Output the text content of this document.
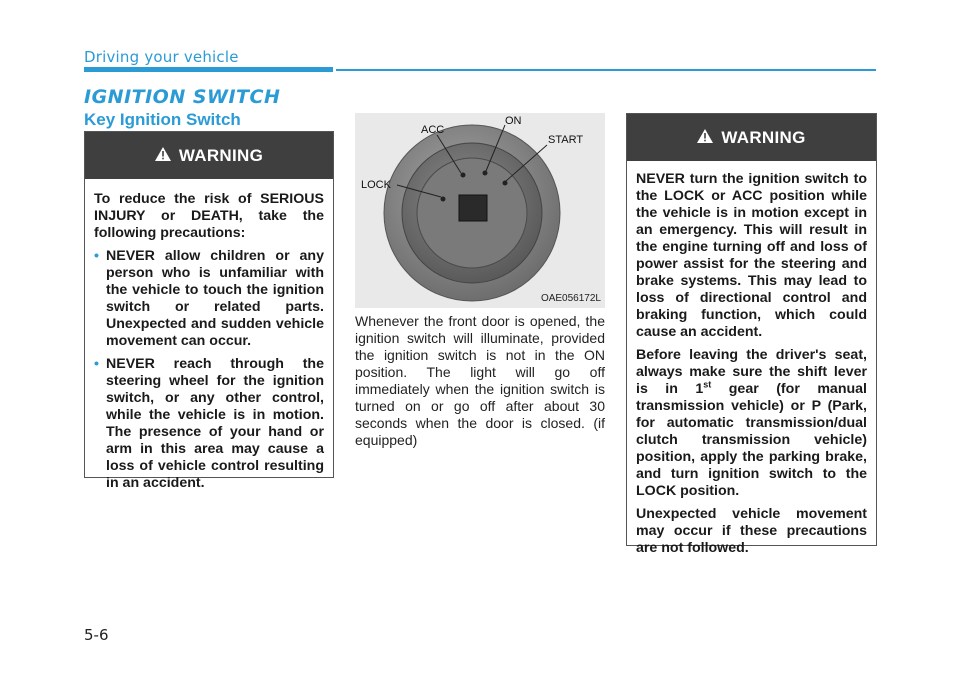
Driving your vehicle
IGNITION SWITCH
Key Ignition Switch
WARNING

To reduce the risk of SERIOUS INJURY or DEATH, take the following precautions:

• NEVER allow children or any person who is unfamiliar with the vehicle to touch the ignition switch or related parts. Unexpected and sudden vehicle movement can occur.
• NEVER reach through the steering wheel for the ignition switch, or any other control, while the vehicle is in motion. The presence of your hand or arm in this area may cause a loss of vehicle control resulting in an accident.
LOCK
ACC
ON
START
OAE056172L
Whenever the front door is opened, the ignition switch will illuminate, provided the ignition switch is not in the ON position. The light will go off immediately when the ignition switch is turned on or go off after about 30 seconds when the door is closed. (if equipped)
WARNING

NEVER turn the ignition switch to the LOCK or ACC position while the vehicle is in motion except in an emergency. This will result in the engine turning off and loss of power assist for the steering and brake systems. This may lead to loss of directional control and braking function, which could cause an accident.

Before leaving the driver's seat, always make sure the shift lever is in 1st gear (for manual transmission vehicle) or P (Park, for automatic transmission/dual clutch transmission vehicle) position, apply the parking brake, and turn ignition switch to the LOCK position.

Unexpected vehicle movement may occur if these precautions are not followed.

5-6
